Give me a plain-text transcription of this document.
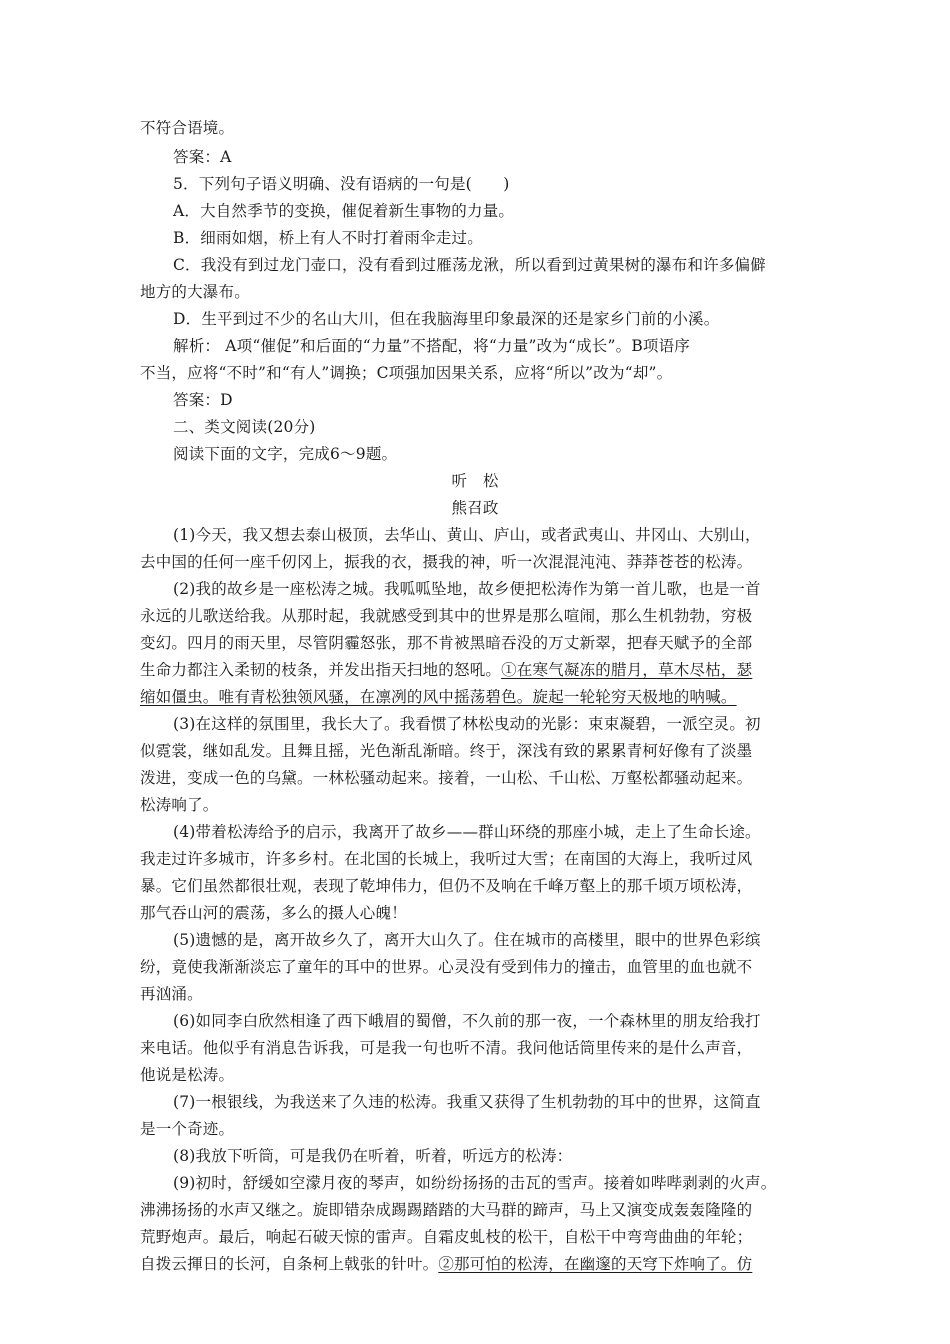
不符合语境。
答案：A
5．下列句子语义明确、没有语病的一句是(　　)
A．大自然季节的变换，催促着新生事物的力量。
B．细雨如烟，桥上有人不时打着雨伞走过。
C．我没有到过龙门壶口，没有看到过雁荡龙湫，所以看到过黄果树的瀑布和许多偏僻
地方的大瀑布。
D．生平到过不少的名山大川，但在我脑海里印象最深的还是家乡门前的小溪。
解析： A项“催促”和后面的“力量”不搭配，将“力量”改为“成长”。B项语序
不当，应将“不时”和“有人”调换；C项强加因果关系，应将“所以”改为“却”。
答案：D
二、类文阅读(20分)
阅读下面的文字，完成6～9题。
听　松
熊召政
(1)今天，我又想去泰山极顶，去华山、黄山、庐山，或者武夷山、井冈山、大别山，
去中国的任何一座千仞冈上，振我的衣，摄我的神，听一次混混沌沌、莽莽苍苍的松涛。
(2)我的故乡是一座松涛之城。我呱呱坠地，故乡便把松涛作为第一首儿歌，也是一首
永远的儿歌送给我。从那时起，我就感受到其中的世界是那么喧闹，那么生机勃勃，穷极
变幻。四月的雨天里，尽管阴霾怒张，那不肯被黑暗吞没的万丈新翠，把春天赋予的全部
生命力都注入柔韧的枝条，并发出指天扫地的怒吼。①在寒气凝冻的腊月，草木尽枯，瑟
缩如僵虫。唯有青松独领风骚，在凛冽的风中摇荡碧色。旋起一轮轮穷天极地的呐喊。
(3)在这样的氛围里，我长大了。我看惯了林松曳动的光影：束束凝碧，一派空灵。初
似霓裳，继如乱发。且舞且摇，光色渐乱渐暗。终于，深浅有致的累累青柯好像有了淡墨
泼进，变成一色的乌黛。一林松骚动起来。接着，一山松、千山松、万壑松都骚动起来。
松涛响了。
(4)带着松涛给予的启示，我离开了故乡——群山环绕的那座小城，走上了生命长途。
我走过许多城市，许多乡村。在北国的长城上，我听过大雪；在南国的大海上，我听过风
暴。它们虽然都很壮观，表现了乾坤伟力，但仍不及响在千峰万壑上的那千顷万顷松涛，
那气吞山河的震荡，多么的摄人心魄！
(5)遗憾的是，离开故乡久了，离开大山久了。住在城市的高楼里，眼中的世界色彩缤
纷，竟使我渐渐淡忘了童年的耳中的世界。心灵没有受到伟力的撞击，血管里的血也就不
再汹涌。
(6)如同李白欣然相逢了西下峨眉的蜀僧，不久前的那一夜，一个森林里的朋友给我打
来电话。他似乎有消息告诉我，可是我一句也听不清。我问他话筒里传来的是什么声音，
他说是松涛。
(7)一根银线，为我送来了久违的松涛。我重又获得了生机勃勃的耳中的世界，这简直
是一个奇迹。
(8)我放下听筒，可是我仍在听着，听着，听远方的松涛：
(9)初时，舒缓如空濛月夜的琴声，如纷纷扬扬的击瓦的雪声。接着如哔哔剥剥的火声。
沸沸扬扬的水声又继之。旋即错杂成踢踢踏踏的大马群的蹄声，马上又演变成轰轰隆隆的
荒野炮声。最后，响起石破天惊的雷声。自霜皮虬枝的松干，自松干中弯弯曲曲的年轮；
自拨云揮日的长河，自条柯上戟张的针叶。②那可怕的松涛，在幽邃的天穹下炸响了。仿
